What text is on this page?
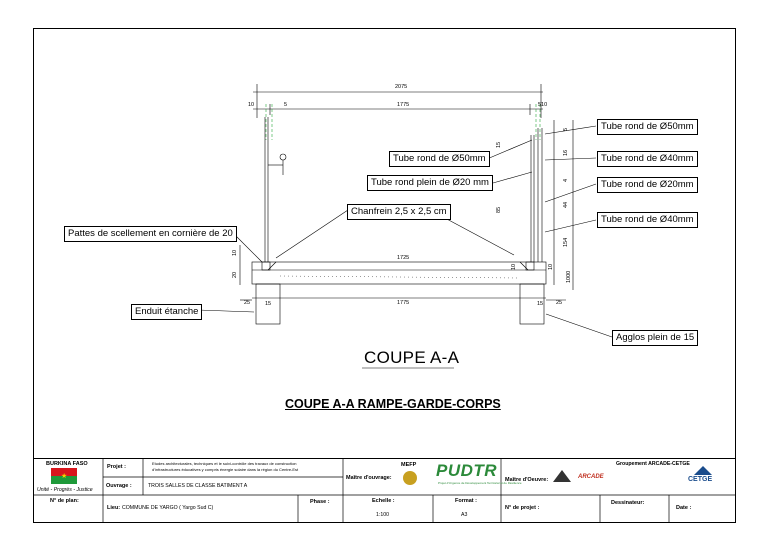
2075
1775
10	5	510
1725
1775
15
25	15 25
5
15
16
4
85
44
154
1000
10
20
10	10
Tube rond de Ø50mm
Tube rond de Ø40mm
Tube rond de Ø20mm
Tube rond de Ø40mm
Tube rond de Ø50mm
Tube rond plein de Ø20 mm
Chanfrein 2,5 x 2,5 cm
Pattes de scellement en cornière de 20
Enduit étanche
Agglos plein de 15
COUPE A-A
COUPE A-A RAMPE-GARDE-CORPS
BURKINA FASO
★
Unité - Progrès - Justice
N° de plan:
Projet :
Etudes architecturales, techniques et le suivi-contrôle des travaux de construction
d'infrastructures éducatives y compris énergie solaire dans la région du Centre-Est
Ouvrage :	TROIS SALLES DE CLASSE BATIMENT A
Lieu: COMMUNE DE YARGO ( Yargo Sud C)
Phase :
Maître d'ouvrage:
MEFP PUDTR
Projet d'Urgence de Développement Territorial et de Résilience
Echelle :
1:100
Format :
A3
Maître d'Oeuvre:	ARCADE
Groupement ARCADE-CETGE
CETGE
N° de projet :
Dessinateur:
Date :
